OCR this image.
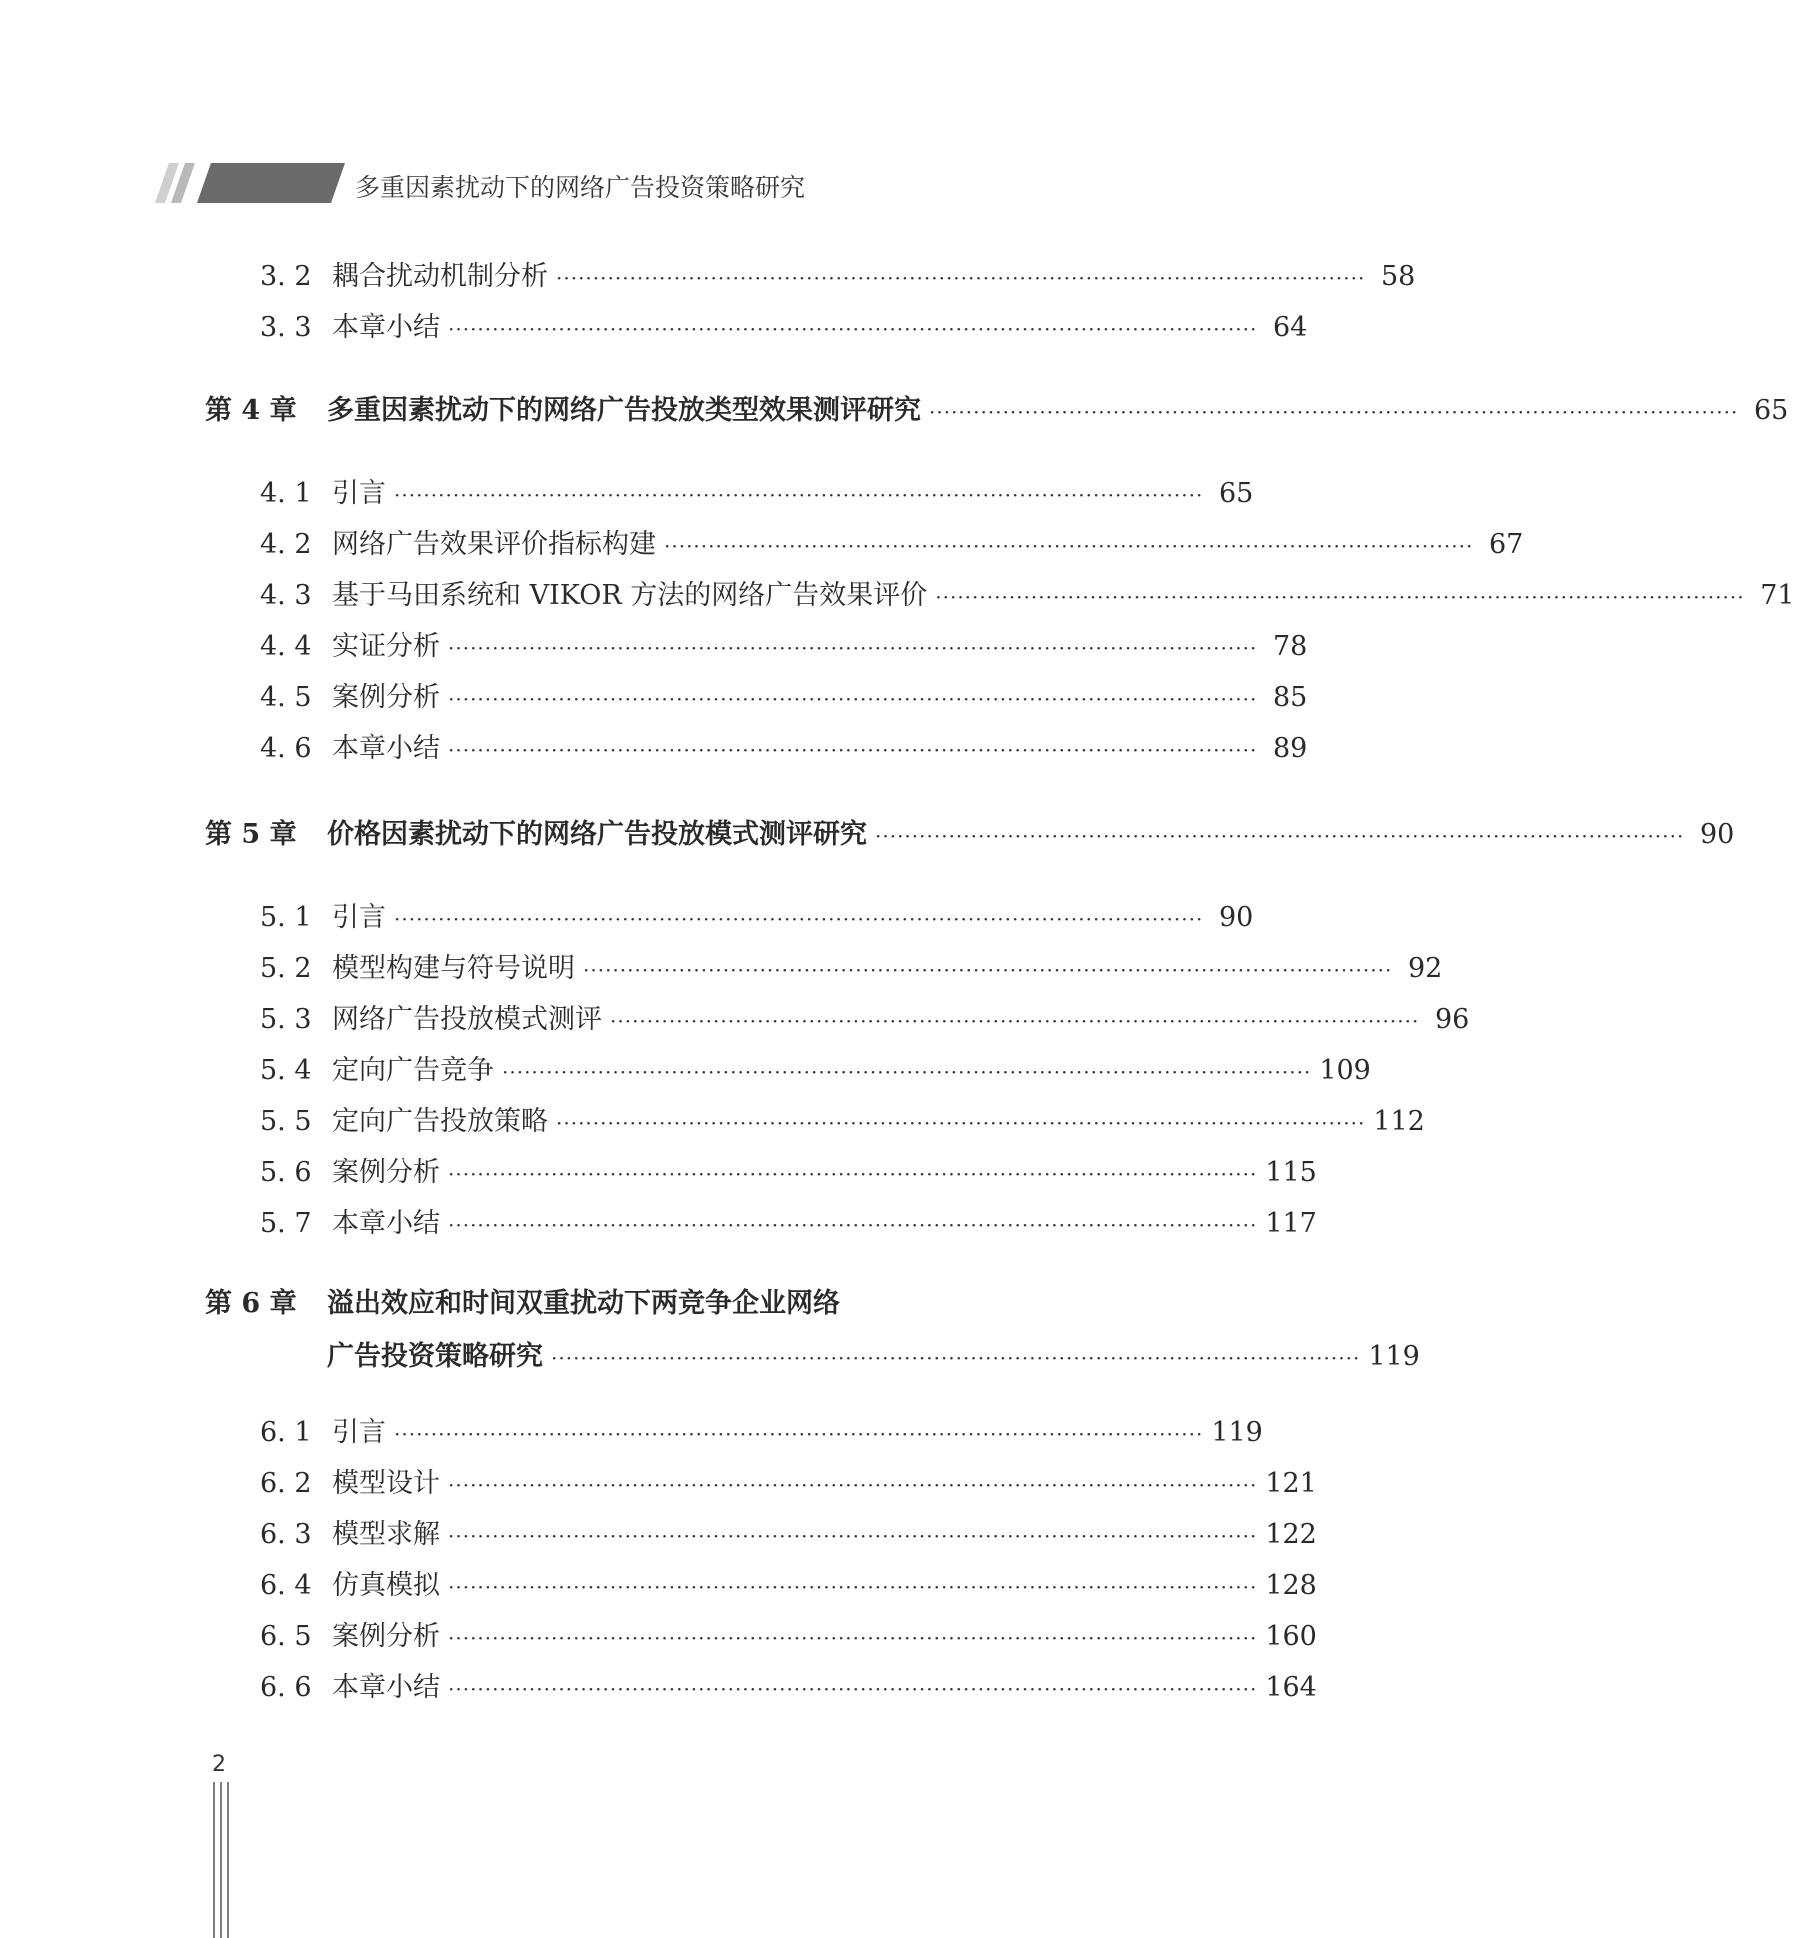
多重因素扰动下的网络广告投资策略研究
3. 2 耦合扰动机制分析 ·············································································································· 58
3. 3 本章小结 ·············································································································· 64
第 4 章	多重因素扰动下的网络广告投放类型效果测评研究 ·············································································································· 65
4. 1 引言 ·············································································································· 65
4. 2 网络广告效果评价指标构建 ·············································································································· 67
4. 3 基于马田系统和 VIKOR 方法的网络广告效果评价 ·············································································································· 71
4. 4 实证分析 ·············································································································· 78
4. 5 案例分析 ·············································································································· 85
4. 6 本章小结 ·············································································································· 89
第 5 章	价格因素扰动下的网络广告投放模式测评研究 ·············································································································· 90
5. 1 引言 ·············································································································· 90
5. 2 模型构建与符号说明 ·············································································································· 92
5. 3 网络广告投放模式测评 ·············································································································· 96
5. 4 定向广告竞争 ·············································································································· 109
5. 5 定向广告投放策略 ·············································································································· 112
5. 6 案例分析 ·············································································································· 115
5. 7 本章小结 ·············································································································· 117
第 6 章	溢出效应和时间双重扰动下两竞争企业网络
广告投资策略研究 ·············································································································· 119
6. 1 引言 ·············································································································· 119
6. 2 模型设计 ·············································································································· 121
6. 3 模型求解 ·············································································································· 122
6. 4 仿真模拟 ·············································································································· 128
6. 5 案例分析 ·············································································································· 160
6. 6 本章小结 ·············································································································· 164
2
